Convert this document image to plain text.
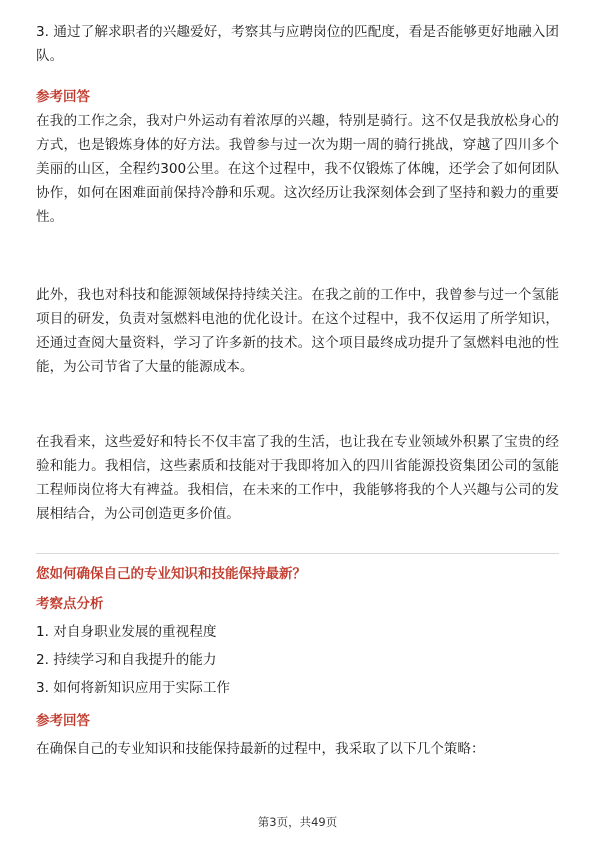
3. 通过了解求职者的兴趣爱好，考察其与应聘岗位的匹配度，看是否能够更好地融入团队。

参考回答

在我的工作之余，我对户外运动有着浓厚的兴趣，特别是骑行。这不仅是我放松身心的方式，也是锻炼身体的好方法。我曾参与过一次为期一周的骑行挑战，穿越了四川多个美丽的山区，全程约300公里。在这个过程中，我不仅锻炼了体魄，还学会了如何团队协作，如何在困难面前保持冷静和乐观。这次经历让我深刻体会到了坚持和毅力的重要性。

此外，我也对科技和能源领域保持持续关注。在我之前的工作中，我曾参与过一个氢能项目的研发，负责对氢燃料电池的优化设计。在这个过程中，我不仅运用了所学知识，还通过查阅大量资料，学习了许多新的技术。这个项目最终成功提升了氢燃料电池的性能，为公司节省了大量的能源成本。

在我看来，这些爱好和特长不仅丰富了我的生活，也让我在专业领域外积累了宝贵的经验和能力。我相信，这些素质和技能对于我即将加入的四川省能源投资集团公司的氢能工程师岗位将大有裨益。我相信，在未来的工作中，我能够将我的个人兴趣与公司的发展相结合，为公司创造更多价值。

您如何确保自己的专业知识和技能保持最新？

考察点分析

1. 对自身职业发展的重视程度

2. 持续学习和自我提升的能力

3. 如何将新知识应用于实际工作

参考回答

在确保自己的专业知识和技能保持最新的过程中，我采取了以下几个策略：

第3页，共49页
